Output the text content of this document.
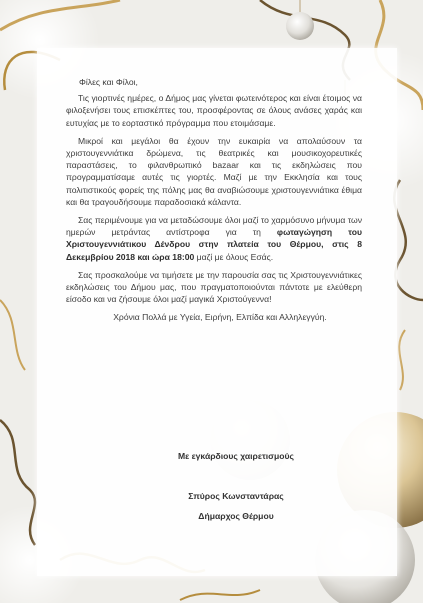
Φίλες και Φίλοι,

Τις γιορτινές ημέρες, ο Δήμος μας γίνεται φωτεινότερος και είναι έτοιμος να φιλοξενήσει τους επισκέπτες του, προσφέροντας σε όλους ανάσες χαράς και ευτυχίας με το εορταστικό πρόγραμμα που ετοιμάσαμε.

Μικροί και μεγάλοι θα έχουν την ευκαιρία να απολαύσουν τα χριστουγεννιάτικα δρώμενα, τις θεατρικές και μουσικοχορευτικές παραστάσεις, το φιλανθρωπικό bazaar και τις εκδηλώσεις που προγραμματίσαμε αυτές τις γιορτές. Μαζί με την Εκκλησία και τους πολιτιστικούς φορείς της πόλης μας θα αναβιώσουμε χριστουγεννιάτικα έθιμα και θα τραγουδήσουμε παραδοσιακά κάλαντα.

Σας περιμένουμε για να μεταδώσουμε όλοι μαζί το χαρμόσυνο μήνυμα των ημερών μετράντας αντίστροφα για τη φωταγώγηση του Χριστουγεννιάτικου Δένδρου στην πλατεία του Θέρμου, στις 8 Δεκεμβρίου 2018 και ώρα 18:00 μαζί με όλους Εσάς.

Σας προσκαλούμε να τιμήσετε με την παρουσία σας τις Χριστουγεννιάτικες εκδηλώσεις του Δήμου μας, που πραγματοποιούνται πάντοτε με ελεύθερη είσοδο και να ζήσουμε όλοι μαζί μαγικά Χριστούγεννα!

Χρόνια Πολλά με Υγεία, Ειρήνη, Ελπίδα και Αλληλεγγύη.

Με εγκάρδιους χαιρετισμούς
Σπύρος Κωνσταντάρας
Δήμαρχος Θέρμου
